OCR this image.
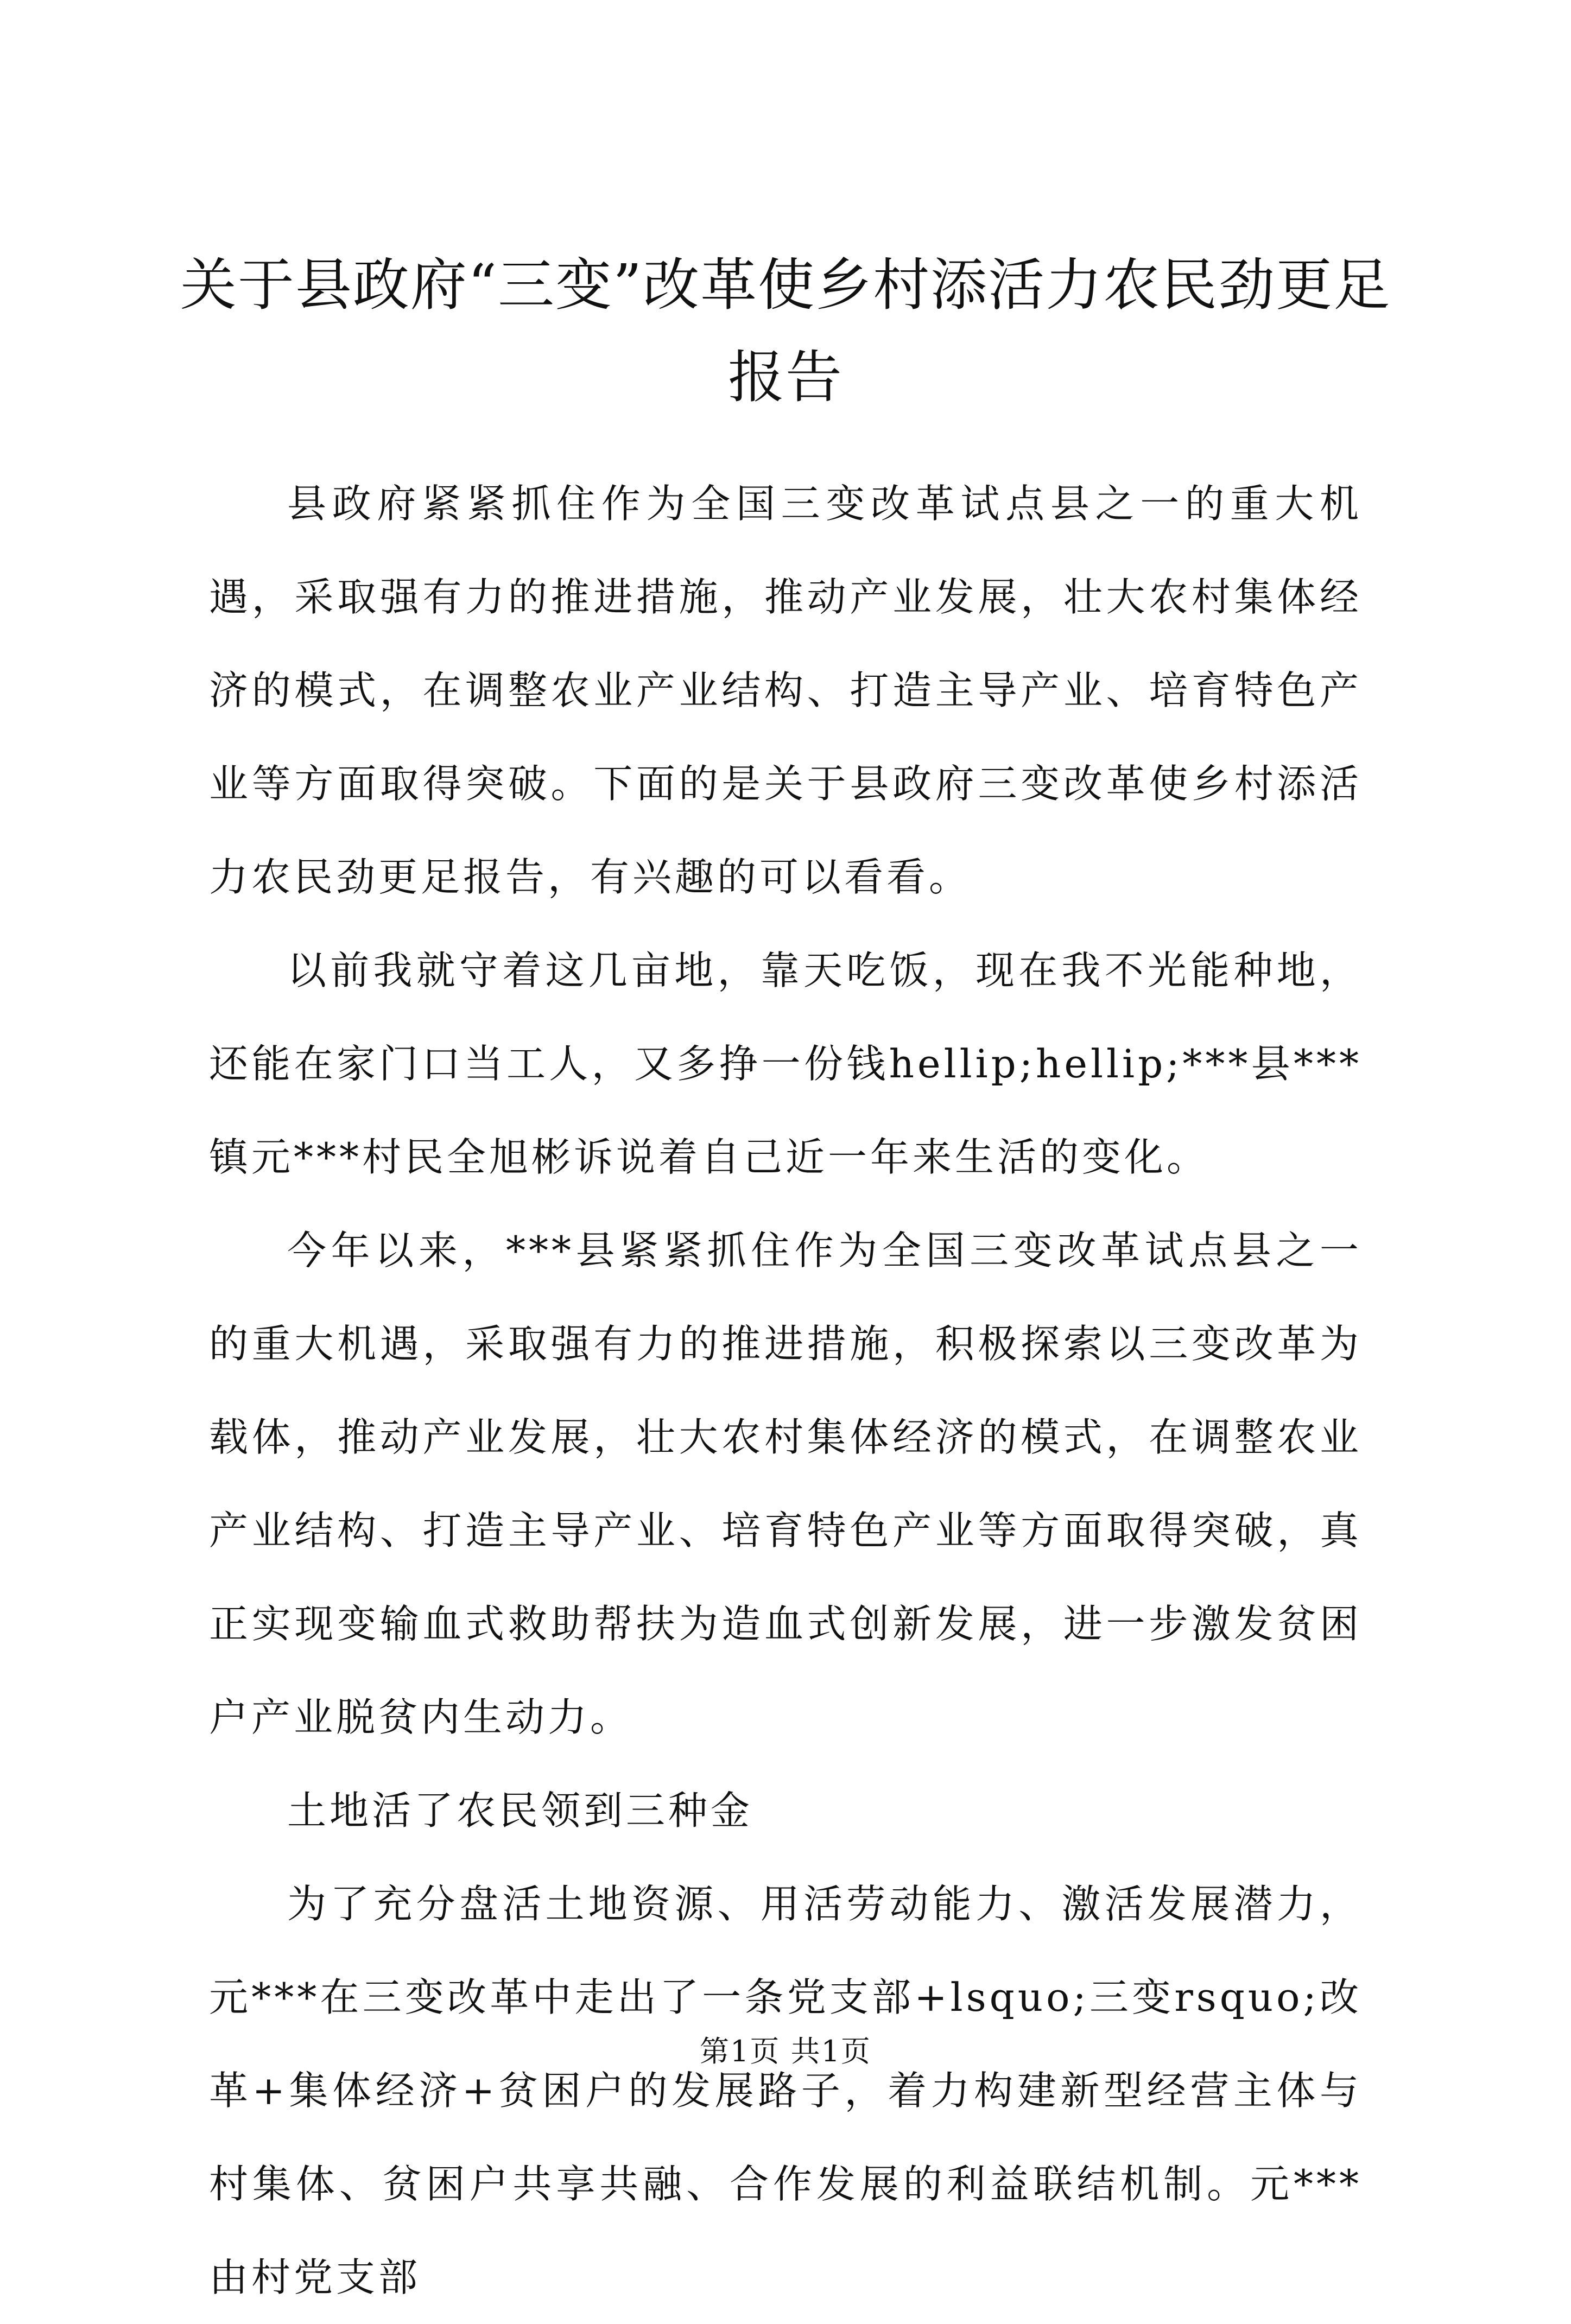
关于县政府“三变”改革使乡村添活力农民劲更足报告

县政府紧紧抓住作为全国三变改革试点县之一的重大机遇，采取强有力的推进措施，推动产业发展，壮大农村集体经济的模式，在调整农业产业结构、打造主导产业、培育特色产业等方面取得突破。下面的是关于县政府三变改革使乡村添活力农民劲更足报告，有兴趣的可以看看。

以前我就守着这几亩地，靠天吃饭，现在我不光能种地，还能在家门口当工人，又多挣一份钱hellip;hellip;***县***镇元***村民全旭彬诉说着自己近一年来生活的变化。

今年以来，***县紧紧抓住作为全国三变改革试点县之一的重大机遇，采取强有力的推进措施，积极探索以三变改革为载体，推动产业发展，壮大农村集体经济的模式，在调整农业产业结构、打造主导产业、培育特色产业等方面取得突破，真正实现变输血式救助帮扶为造血式创新发展，进一步激发贫困户产业脱贫内生动力。

土地活了农民领到三种金

为了充分盘活土地资源、用活劳动能力、激活发展潜力，元***在三变改革中走出了一条党支部+lsquo;三变rsquo;改革+集体经济+贫困户的发展路子，着力构建新型经营主体与村集体、贫困户共享共融、合作发展的利益联结机制。元***由村党支部

第1页 共1页
